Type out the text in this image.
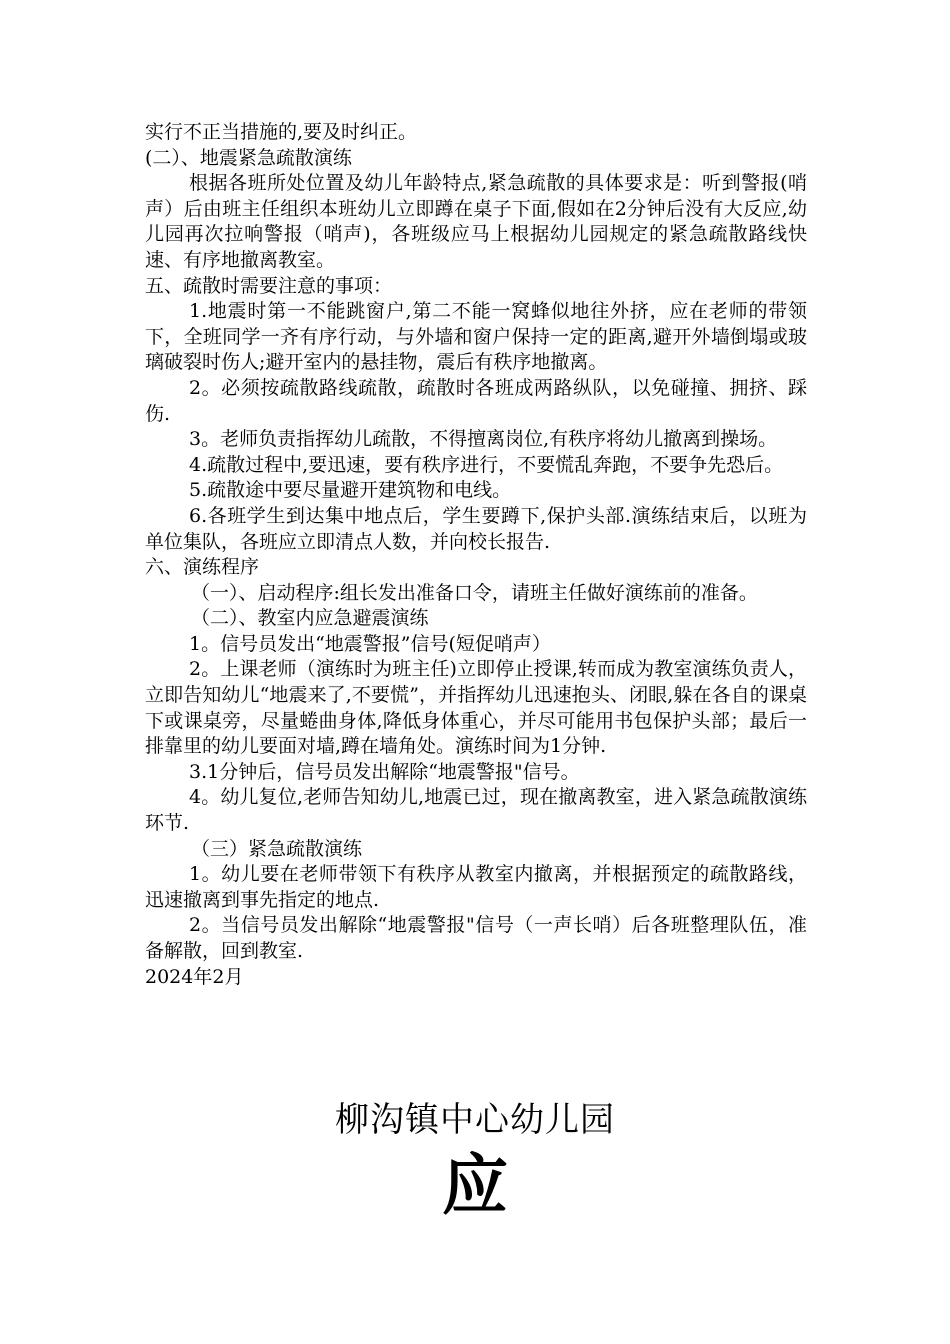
实行不正当措施的,要及时纠正。

(二）、地震紧急疏散演练

根据各班所处位置及幼儿年龄特点,紧急疏散的具体要求是：听到警报(哨声）后由班主任组织本班幼儿立即蹲在桌子下面,假如在2分钟后没有大反应,幼儿园再次拉响警报（哨声)，各班级应马上根据幼儿园规定的紧急疏散路线快速、有序地撤离教室。

五、疏散时需要注意的事项：

1.地震时第一不能跳窗户,第二不能一窝蜂似地往外挤，应在老师的带领下，全班同学一齐有序行动，与外墙和窗户保持一定的距离,避开外墙倒塌或玻璃破裂时伤人;避开室内的悬挂物，震后有秩序地撤离。

2。必须按疏散路线疏散，疏散时各班成两路纵队，以免碰撞、拥挤、踩伤.

3。老师负责指挥幼儿疏散，不得擅离岗位,有秩序将幼儿撤离到操场。

4.疏散过程中,要迅速，要有秩序进行，不要慌乱奔跑，不要争先恐后。

5.疏散途中要尽量避开建筑物和电线。

6.各班学生到达集中地点后，学生要蹲下,保护头部.演练结束后，以班为单位集队，各班应立即清点人数，并向校长报告.

六、演练程序

（一）、启动程序:组长发出准备口令，请班主任做好演练前的准备。

（二）、教室内应急避震演练

1。信号员发出“地震警报”信号(短促哨声）

2。上课老师（演练时为班主任)立即停止授课,转而成为教室演练负责人，立即告知幼儿“地震来了,不要慌”，并指挥幼儿迅速抱头、闭眼,躲在各自的课桌下或课桌旁，尽量蜷曲身体,降低身体重心，并尽可能用书包保护头部；最后一排靠里的幼儿要面对墙,蹲在墙角处。演练时间为1分钟.

3.1分钟后，信号员发出解除“地震警报"信号。

4。幼儿复位,老师告知幼儿,地震已过，现在撤离教室，进入紧急疏散演练环节.

（三）紧急疏散演练

1。幼儿要在老师带领下有秩序从教室内撤离，并根据预定的疏散路线，迅速撤离到事先指定的地点.

2。当信号员发出解除“地震警报"信号（一声长哨）后各班整理队伍，准备解散，回到教室.

2024年2月

柳沟镇中心幼儿园
应
